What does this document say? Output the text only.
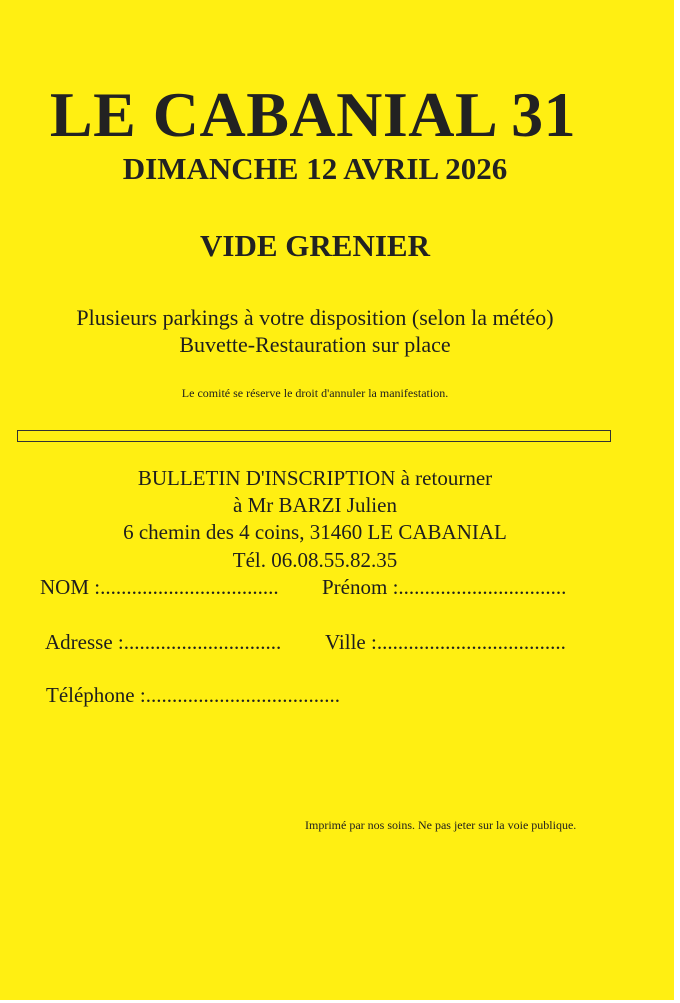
LE CABANIAL 31
DIMANCHE 12 AVRIL 2026
VIDE GRENIER
Plusieurs parkings à votre disposition (selon la météo)
Buvette-Restauration sur place
Le comité se réserve le droit d'annuler la manifestation.
BULLETIN D'INSCRIPTION à retourner
à Mr BARZI Julien
6 chemin des 4 coins, 31460 LE CABANIAL
Tél. 06.08.55.82.35
NOM :.................................. Prénom :................................
Adresse :.............................. Ville :....................................
Téléphone :.....................................
Imprimé par nos soins. Ne pas jeter sur la voie publique.
